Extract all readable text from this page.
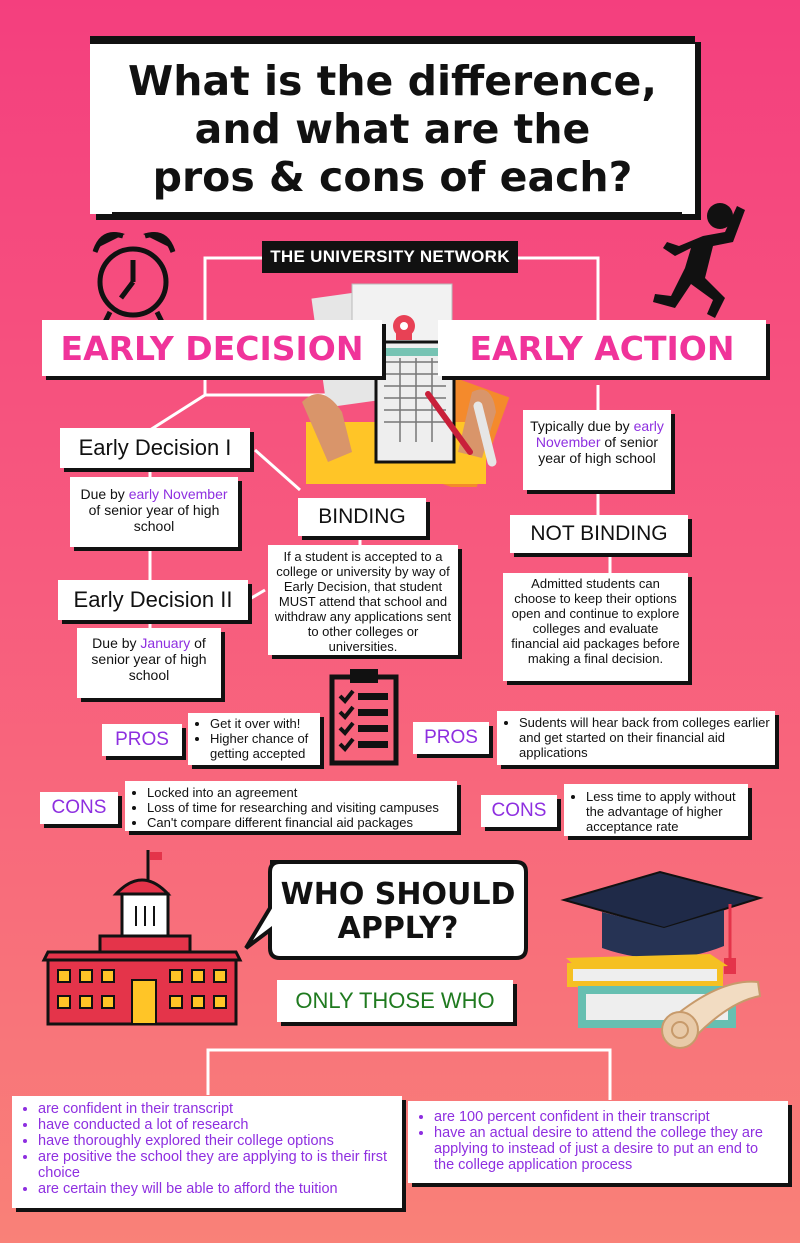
What is the difference,
and what are the
pros & cons of each?
THE UNIVERSITY NETWORK
EARLY DECISION	EARLY ACTION
Early Decision I
Due by early November of senior year of high school
Early Decision II
Due by January of senior year of high school
BINDING
If a student is accepted to a college or university by way of Early Decision, that student MUST attend that school and withdraw any applications sent to other colleges or universities.
Typically due by early November of senior year of high school
NOT BINDING
Admitted students can choose to keep their options open and continue to explore colleges and evaluate financial aid packages before making a final decision.
PROS
• Get it over with!
• Higher chance of getting accepted
CONS
• Locked into an agreement
• Loss of time for researching and visiting campuses
• Can't compare different financial aid packages
PROS
• Sudents will hear back from colleges earlier and get started on their financial aid applications
CONS
• Less time to apply without the advantage of higher acceptance rate
WHO SHOULD APPLY?
ONLY THOSE WHO
• are confident in their transcript
• have conducted a lot of research
• have thoroughly explored their college options
• are positive the school they are applying to is their first choice
• are certain they will be able to afford the tuition
• are 100 percent confident in their transcript
• have an actual desire to attend the college they are applying to instead of just a desire to put an end to the college application process
